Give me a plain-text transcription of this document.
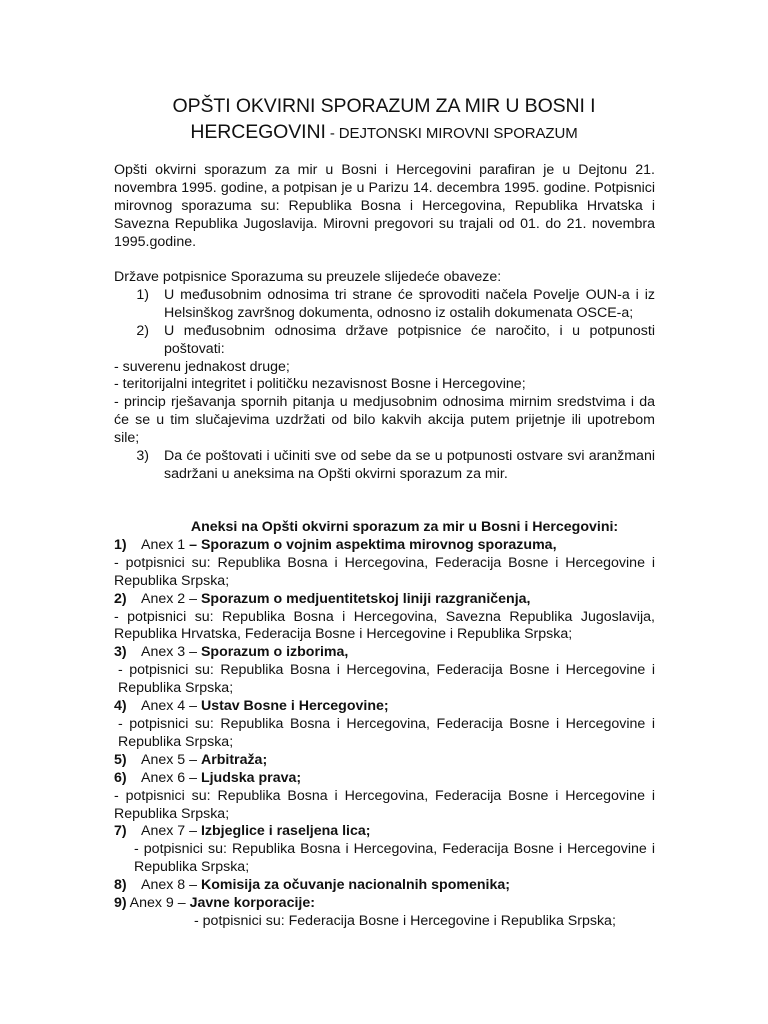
OPŠTI OKVIRNI SPORAZUM ZA MIR U BOSNI I
HERCEGOVINI - DEJTONSKI MIROVNI SPORAZUM

Opšti okvirni sporazum za mir u Bosni i Hercegovini parafiran je u Dejtonu 21. novembra 1995. godine, a potpisan je u Parizu 14. decembra 1995. godine. Potpisnici mirovnog sporazuma su: Republika Bosna i Hercegovina, Republika Hrvatska i Savezna Republika Jugoslavija. Mirovni pregovori su trajali od 01. do 21. novembra 1995.godine.

Države potpisnice Sporazuma su preuzele slijedeće obaveze:

1)	U međusobnim odnosima tri strane će sprovoditi načela Povelje OUN-a i iz Helsinškog završnog dokumenta, odnosno iz ostalih dokumenata OSCE-a;
2)	U međusobnim odnosima države potpisnice će naročito, i u potpunosti poštovati:

- suverenu jednakost druge;

- teritorijalni integritet i političku nezavisnost Bosne i Hercegovine;

- princip rješavanja spornih pitanja u medjusobnim odnosima mirnim sredstvima i da će se u tim slučajevima uzdržati od bilo kakvih akcija putem prijetnje ili upotrebom sile;

3)	Da će poštovati i učiniti sve od sebe da se u potpunosti ostvare svi aranžmani sadržani u aneksima na Opšti okvirni sporazum za mir.

Aneksi na Opšti okvirni sporazum za mir u Bosni i Hercegovini:

1) Anex 1 – Sporazum o vojnim aspektima mirovnog sporazuma,

- potpisnici su: Republika Bosna i Hercegovina, Federacija Bosne i Hercegovine i Republika Srpska;

2) Anex 2 – Sporazum o medjuentitetskoj liniji razgraničenja,

- potpisnici su: Republika Bosna i Hercegovina, Savezna Republika Jugoslavija, Republika Hrvatska, Federacija Bosne i Hercegovine i Republika Srpska;

3) Anex 3 – Sporazum o izborima,

- potpisnici su: Republika Bosna i Hercegovina, Federacija Bosne i Hercegovine i Republika Srpska;

4) Anex 4 – Ustav Bosne i Hercegovine;

- potpisnici su: Republika Bosna i Hercegovina, Federacija Bosne i Hercegovine i Republika Srpska;

5) Anex 5 – Arbitraža;

6) Anex 6 – Ljudska prava;

- potpisnici su: Republika Bosna i Hercegovina, Federacija Bosne i Hercegovine i Republika Srpska;

7) Anex 7 – Izbjeglice i raseljena lica;

- potpisnici su: Republika Bosna i Hercegovina, Federacija Bosne i Hercegovine i Republika Srpska;

8) Anex 8 – Komisija za očuvanje nacionalnih spomenika;

9) Anex 9 – Javne korporacije:

- potpisnici su: Federacija Bosne i Hercegovine i Republika Srpska;
